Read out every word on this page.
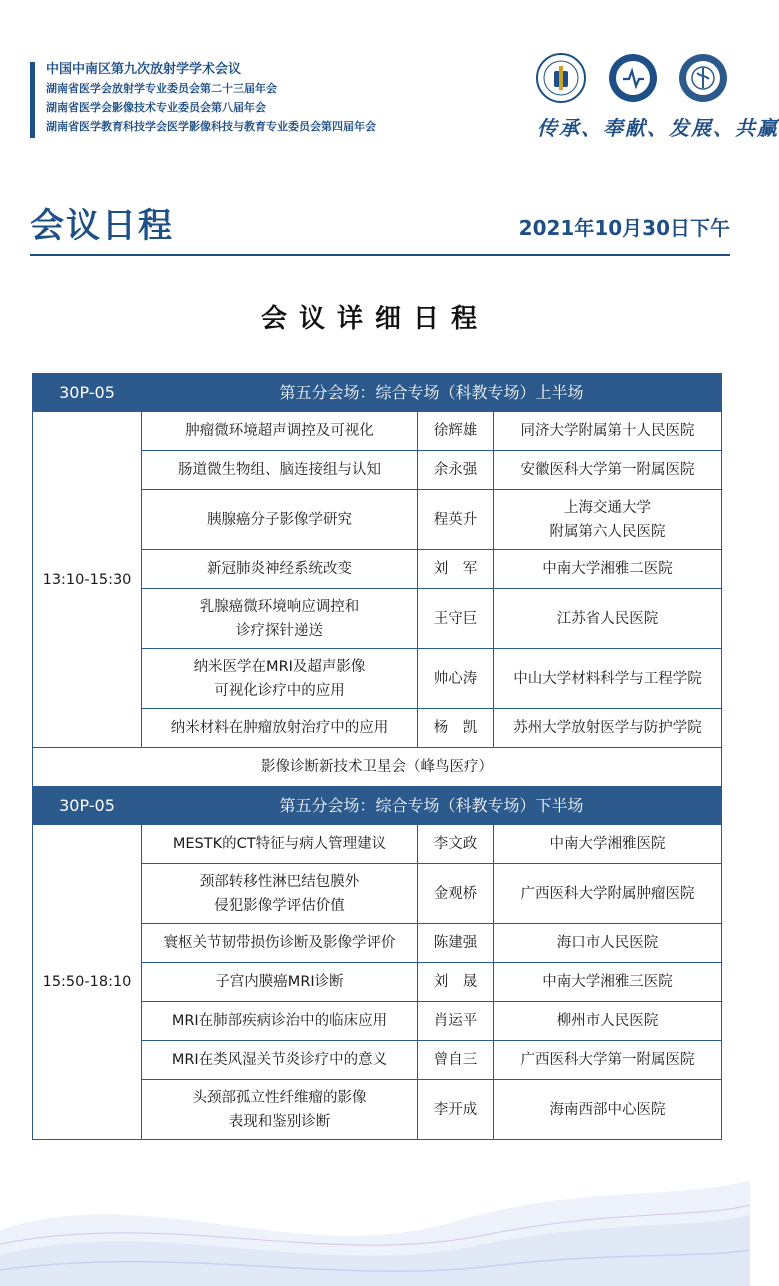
中国中南区第九次放射学学术会议
湖南省医学会放射学专业委员会第二十三届年会
湖南省医学会影像技术专业委员会第八届年会
湖南省医学教育科技学会医学影像科技与教育专业委员会第四届年会	传承、奉献、发展、共赢
会议日程	2021年10月30日下午
会议详细日程
30P-05	第五分会场：综合专场（科教专场）上半场		
13:10-15:30	肿瘤微环境超声调控及可视化	徐辉雄	同济大学附属第十人民医院
	肠道微生物组、脑连接组与认知	余永强	安徽医科大学第一附属医院
	胰腺癌分子影像学研究	程英升	上海交通大学
附属第六人民医院
	新冠肺炎神经系统改变	刘　军	中南大学湘雅二医院
	乳腺癌微环境响应调控和
诊疗探针递送	王守巨	江苏省人民医院
	纳米医学在MRI及超声影像
可视化诊疗中的应用	帅心涛	中山大学材料科学与工程学院
	纳米材料在肿瘤放射治疗中的应用	杨　凯	苏州大学放射医学与防护学院
影像诊断新技术卫星会（峰鸟医疗）			
30P-05	第五分会场：综合专场（科教专场）下半场		
15:50-18:10	MESTK的CT特征与病人管理建议	李文政	中南大学湘雅医院
	颈部转移性淋巴结包膜外
侵犯影像学评估价值	金观桥	广西医科大学附属肿瘤医院
	寰枢关节韧带损伤诊断及影像学评价	陈建强	海口市人民医院
	子宫内膜癌MRI诊断	刘　晟	中南大学湘雅三医院
	MRI在肺部疾病诊治中的临床应用	肖运平	柳州市人民医院
	MRI在类风湿关节炎诊疗中的意义	曾自三	广西医科大学第一附属医院
	头颈部孤立性纤维瘤的影像
表现和鉴别诊断	李开成	海南西部中心医院
